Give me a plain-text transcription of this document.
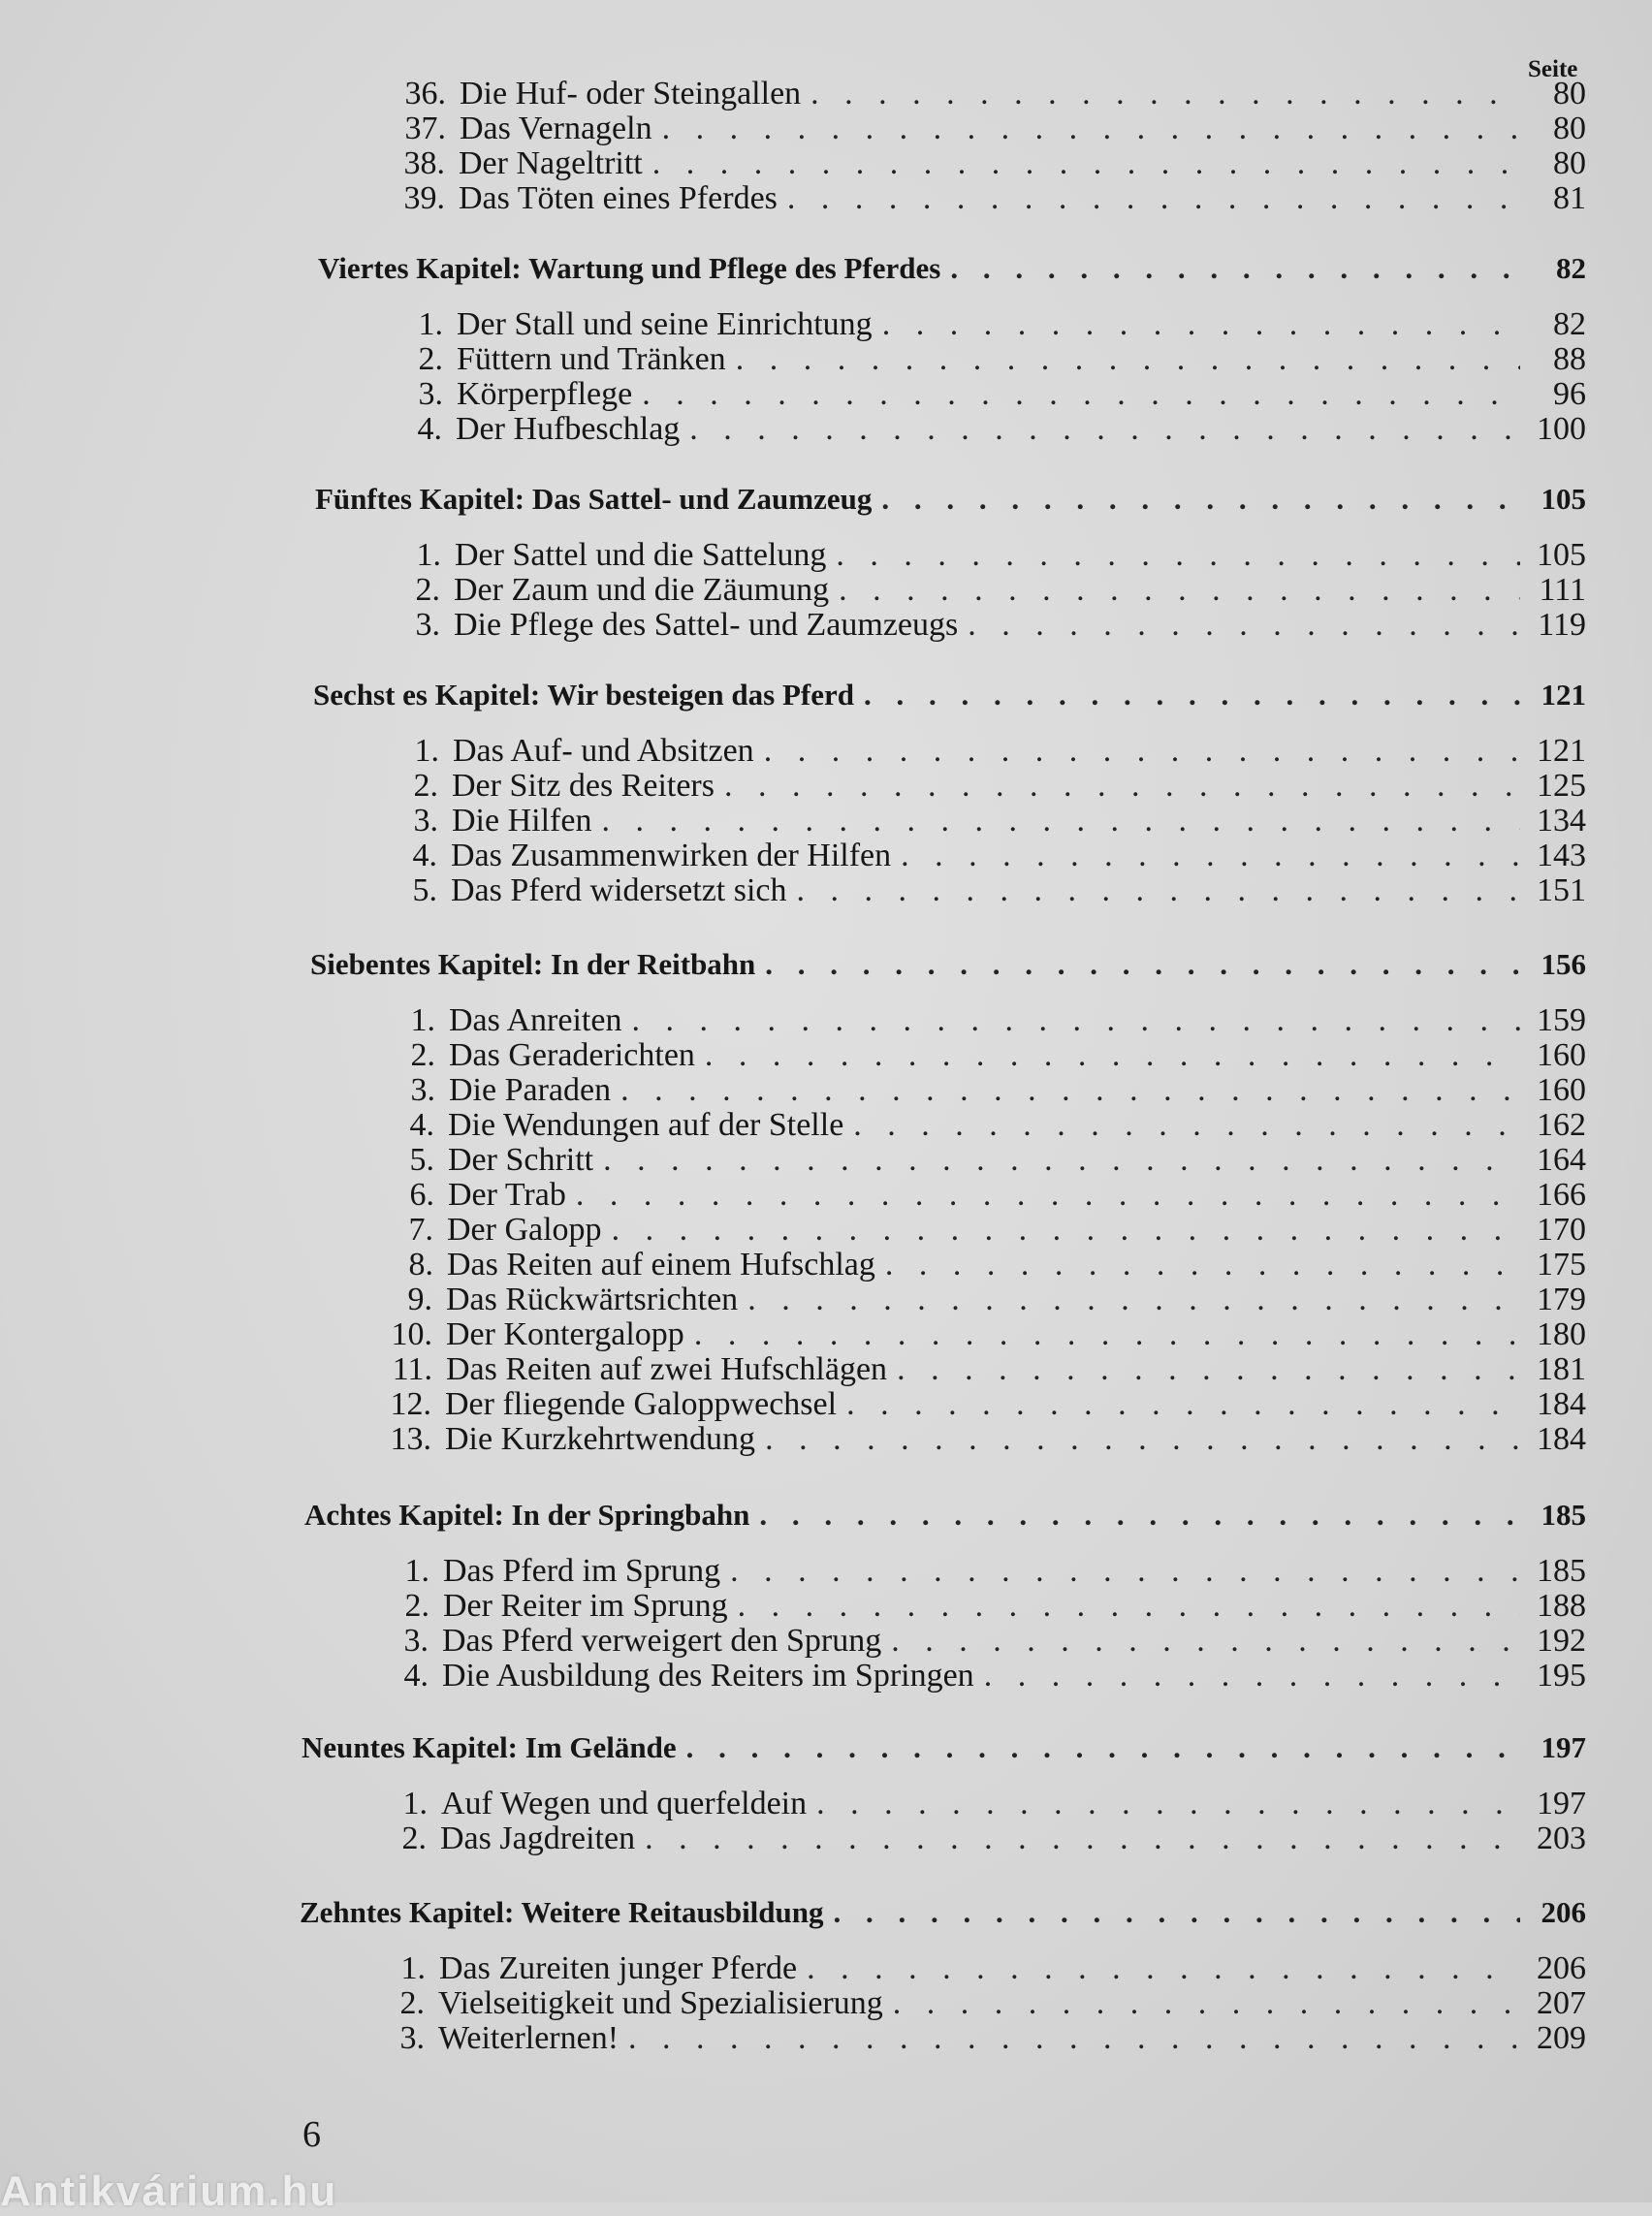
Seite
36. Die Huf- oder Steingallen . . .	80
37. Das Vernageln . . .	80
38. Der Nageltritt . . .	80
39. Das Töten eines Pferdes . . .	81
Viertes Kapitel: Wartung und Pflege des Pferdes . . .	82
1. Der Stall und seine Einrichtung . . .	82
2. Füttern und Tränken . . .	88
3. Körperpflege . . .	96
4. Der Hufbeschlag . . .	100
Fünftes Kapitel: Das Sattel- und Zaumzeug . . .	105
1. Der Sattel und die Sattelung . . .	105
2. Der Zaum und die Zäumung . . .	111
3. Die Pflege des Sattel- und Zaumzeugs . . .	119
Sechst es Kapitel: Wir besteigen das Pferd . . .	121
1. Das Auf- und Absitzen . . .	121
2. Der Sitz des Reiters . . .	125
3. Die Hilfen . . .	134
4. Das Zusammenwirken der Hilfen . . .	143
5. Das Pferd widersetzt sich . . .	151
Siebentes Kapitel: In der Reitbahn . . .	156
1. Das Anreiten . . .	159
2. Das Geraderichten . . .	160
3. Die Paraden . . .	160
4. Die Wendungen auf der Stelle . . .	162
5. Der Schritt . . .	164
6. Der Trab . . .	166
7. Der Galopp . . .	170
8. Das Reiten auf einem Hufschlag . . .	175
9. Das Rückwärtsrichten . . .	179
10. Der Kontergalopp . . .	180
11. Das Reiten auf zwei Hufschlägen . . .	181
12. Der fliegende Galoppwechsel . . .	184
13. Die Kurzkehrtwendung . . .	184
Achtes Kapitel: In der Springbahn . . .	185
1. Das Pferd im Sprung . . .	185
2. Der Reiter im Sprung . . .	188
3. Das Pferd verweigert den Sprung . . .	192
4. Die Ausbildung des Reiters im Springen . . .	195
Neuntes Kapitel: Im Gelände . . .	197
1. Auf Wegen und querfeldein . . .	197
2. Das Jagdreiten . . .	203
Zehntes Kapitel: Weitere Reitausbildung . . .	206
1. Das Zureiten junger Pferde . . .	206
2. Vielseitigkeit und Spezialisierung . . .	207
3. Weiterlernen! . . .	209
6
Antikvárium.hu
